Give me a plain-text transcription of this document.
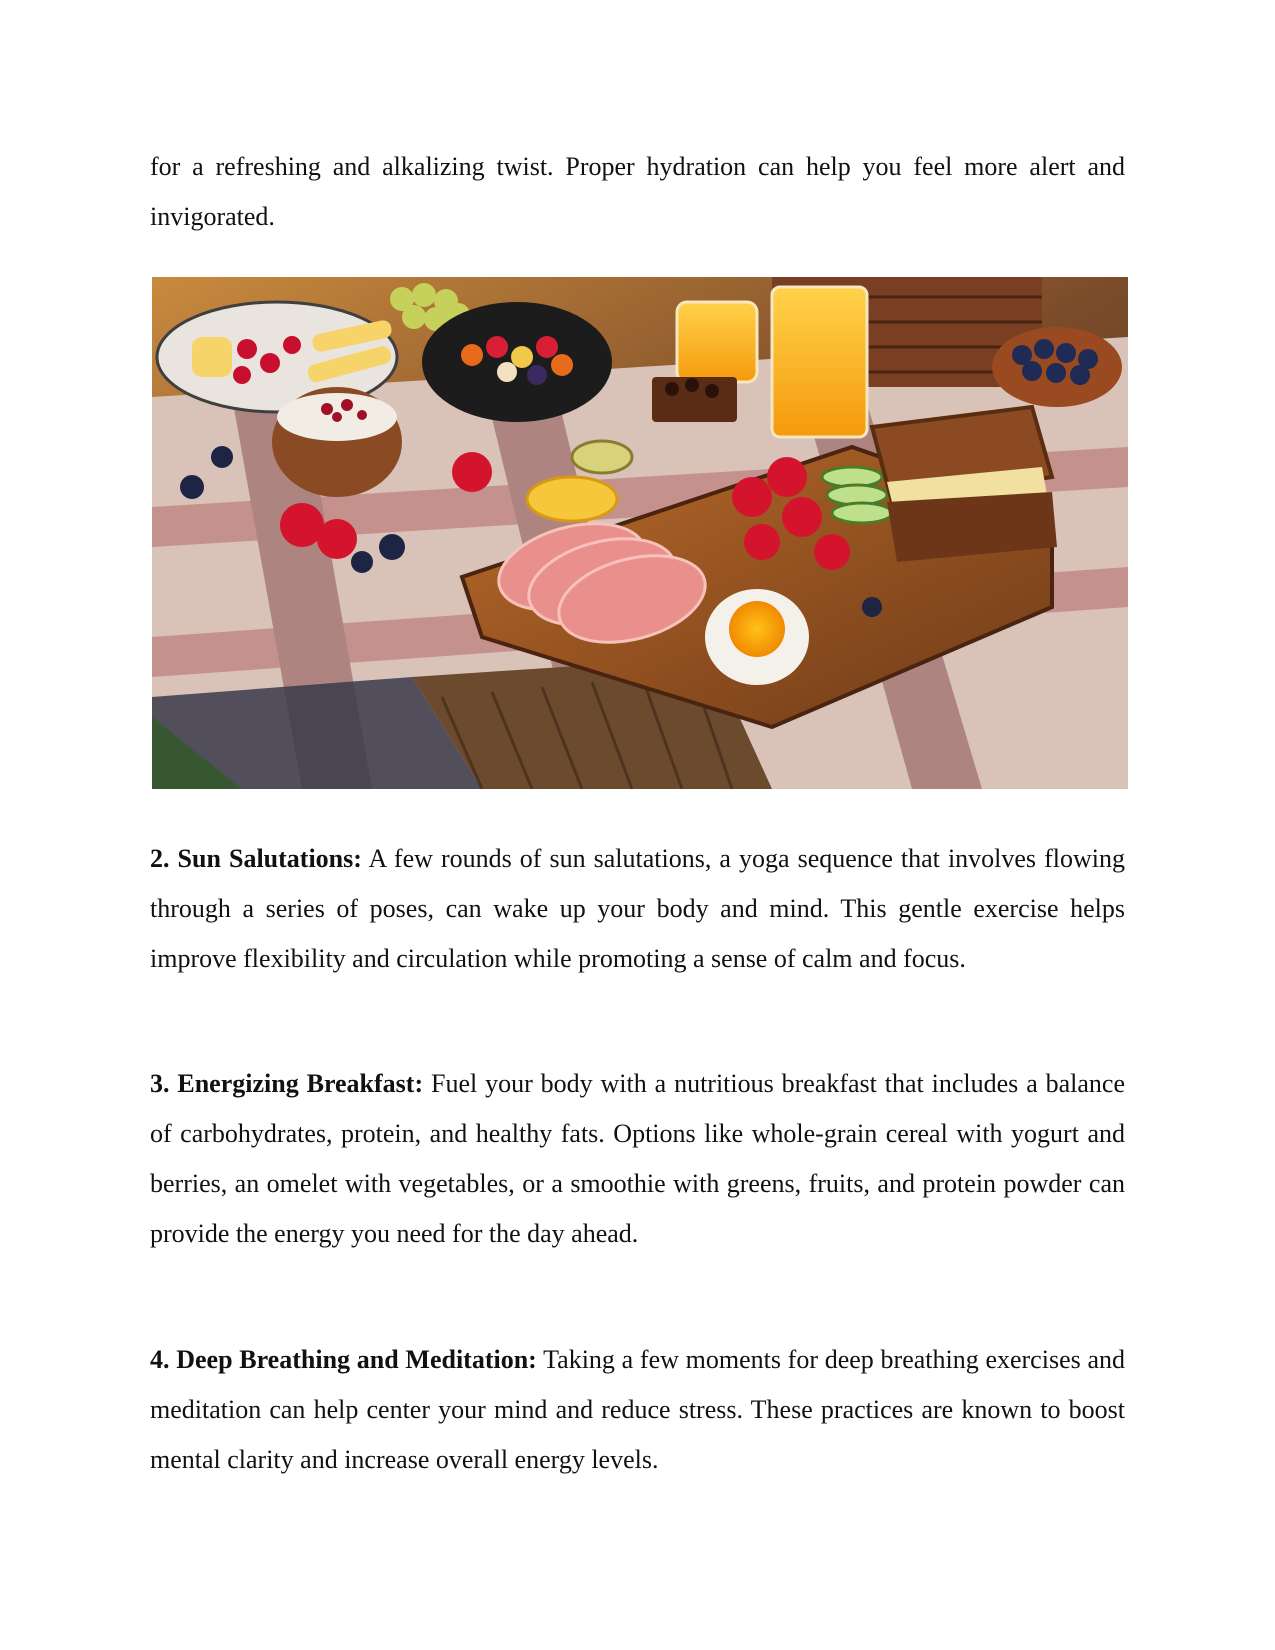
for a refreshing and alkalizing twist. Proper hydration can help you feel more alert and invigorated.

2. Sun Salutations: A few rounds of sun salutations, a yoga sequence that involves flowing through a series of poses, can wake up your body and mind. This gentle exercise helps improve flexibility and circulation while promoting a sense of calm and focus.

3. Energizing Breakfast: Fuel your body with a nutritious breakfast that includes a balance of carbohydrates, protein, and healthy fats. Options like whole-grain cereal with yogurt and berries, an omelet with vegetables, or a smoothie with greens, fruits, and protein powder can provide the energy you need for the day ahead.

4. Deep Breathing and Meditation: Taking a few moments for deep breathing exercises and meditation can help center your mind and reduce stress. These practices are known to boost mental clarity and increase overall energy levels.
